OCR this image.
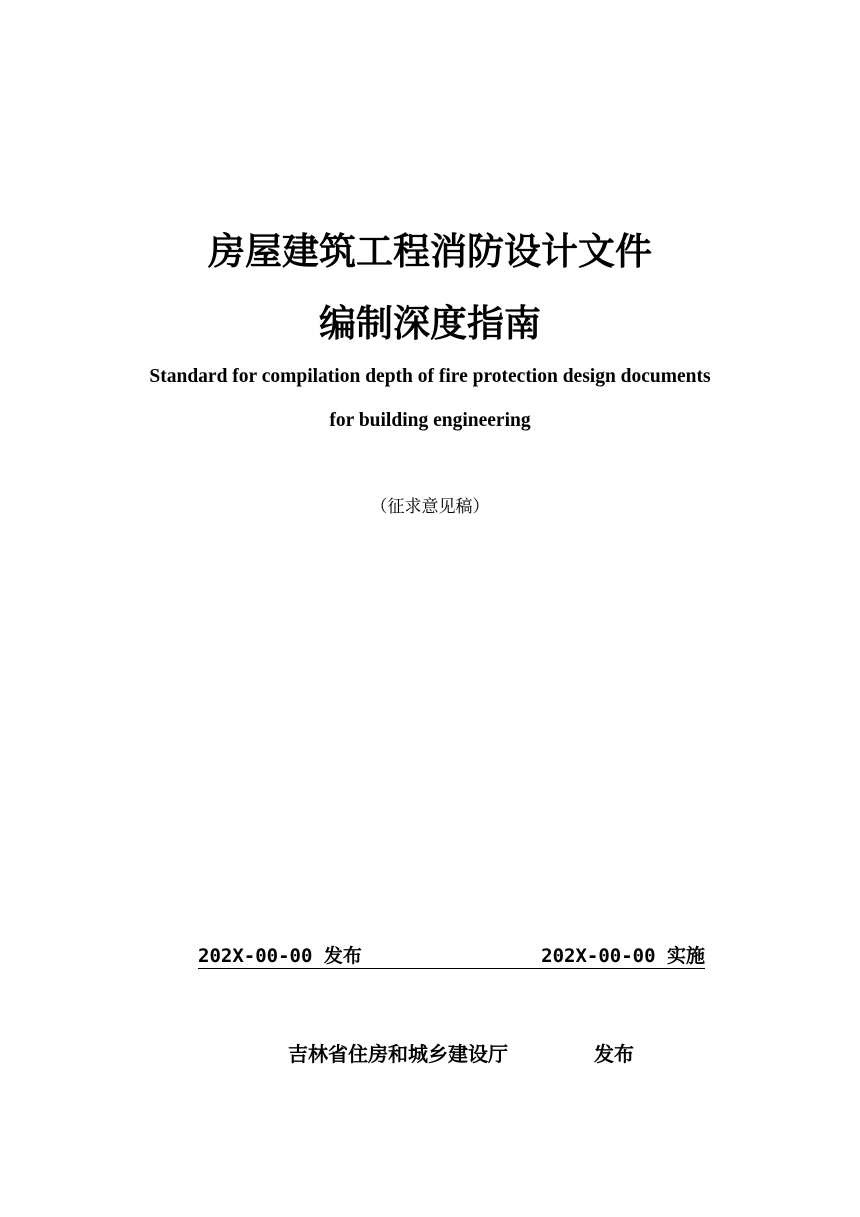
房屋建筑工程消防设计文件
编制深度指南
Standard for compilation depth of fire protection design documents
for building engineering
（征求意见稿）
202X-00-00 发布	202X-00-00 实施
吉林省住房和城乡建设厅	发布
